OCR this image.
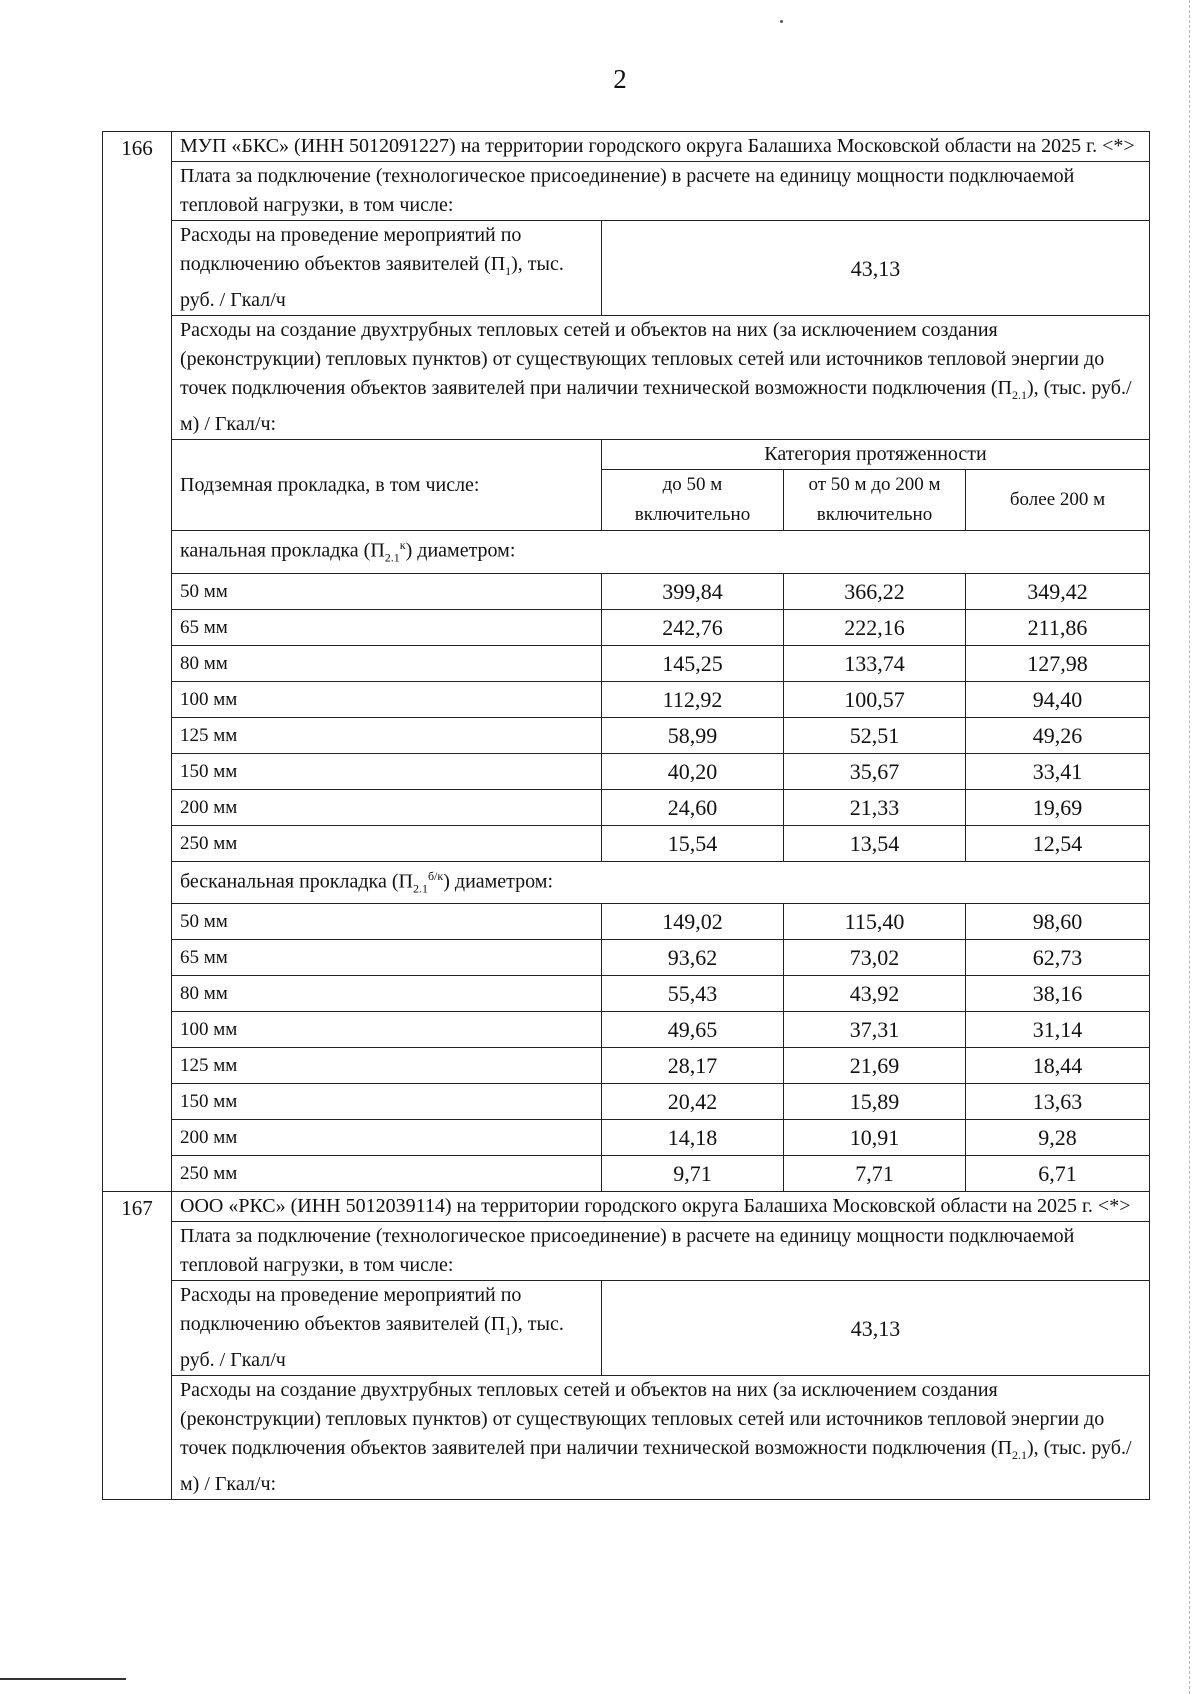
2
166	МУП «БКС» (ИНН 5012091227) на территории городского округа Балашиха Московской области на 2025 г. <*>			
	Плата за подключение (технологическое присоединение) в расчете на единицу мощности подключаемой тепловой нагрузки, в том числе:			
	Расходы на проведение мероприятий по подключению объектов заявителей $(П_1)$, тыс. руб. / Гкал/ч	43,13		
	Расходы на создание двухтрубных тепловых сетей и объектов на них (за исключением создания (реконструкции) тепловых пунктов) от существующих тепловых сетей или источников тепловой энергии до точек подключения объектов заявителей при наличии технической возможности подключения $(П_{2.1})$, (тыс. руб./м) / Гкал/ч:			
	Подземная прокладка, в том числе:	Категория протяженности		
		до 50 м включительно	от 50 м до 200 м включительно	более 200 м
	канальная прокладка $(П_{2.1}^к)$ диаметром:			
	50 мм	399,84	366,22	349,42
	65 мм	242,76	222,16	211,86
	80 мм	145,25	133,74	127,98
	100 мм	112,92	100,57	94,40
	125 мм	58,99	52,51	49,26
	150 мм	40,20	35,67	33,41
	200 мм	24,60	21,33	19,69
	250 мм	15,54	13,54	12,54
	бесканальная прокладка $(П_{2.1}^{б/к})$ диаметром:			
	50 мм	149,02	115,40	98,60
	65 мм	93,62	73,02	62,73
	80 мм	55,43	43,92	38,16
	100 мм	49,65	37,31	31,14
	125 мм	28,17	21,69	18,44
	150 мм	20,42	15,89	13,63
	200 мм	14,18	10,91	9,28
	250 мм	9,71	7,71	6,71
167	ООО «РКС» (ИНН 5012039114) на территории городского округа Балашиха Московской области на 2025 г. <*>			
	Плата за подключение (технологическое присоединение) в расчете на единицу мощности подключаемой тепловой нагрузки, в том числе:			
	Расходы на проведение мероприятий по подключению объектов заявителей $(П_1)$, тыс. руб. / Гкал/ч	43,13		
	Расходы на создание двухтрубных тепловых сетей и объектов на них (за исключением создания (реконструкции) тепловых пунктов) от существующих тепловых сетей или источников тепловой энергии до точек подключения объектов заявителей при наличии технической возможности подключения $(П_{2.1})$, (тыс. руб./м) / Гкал/ч:			
